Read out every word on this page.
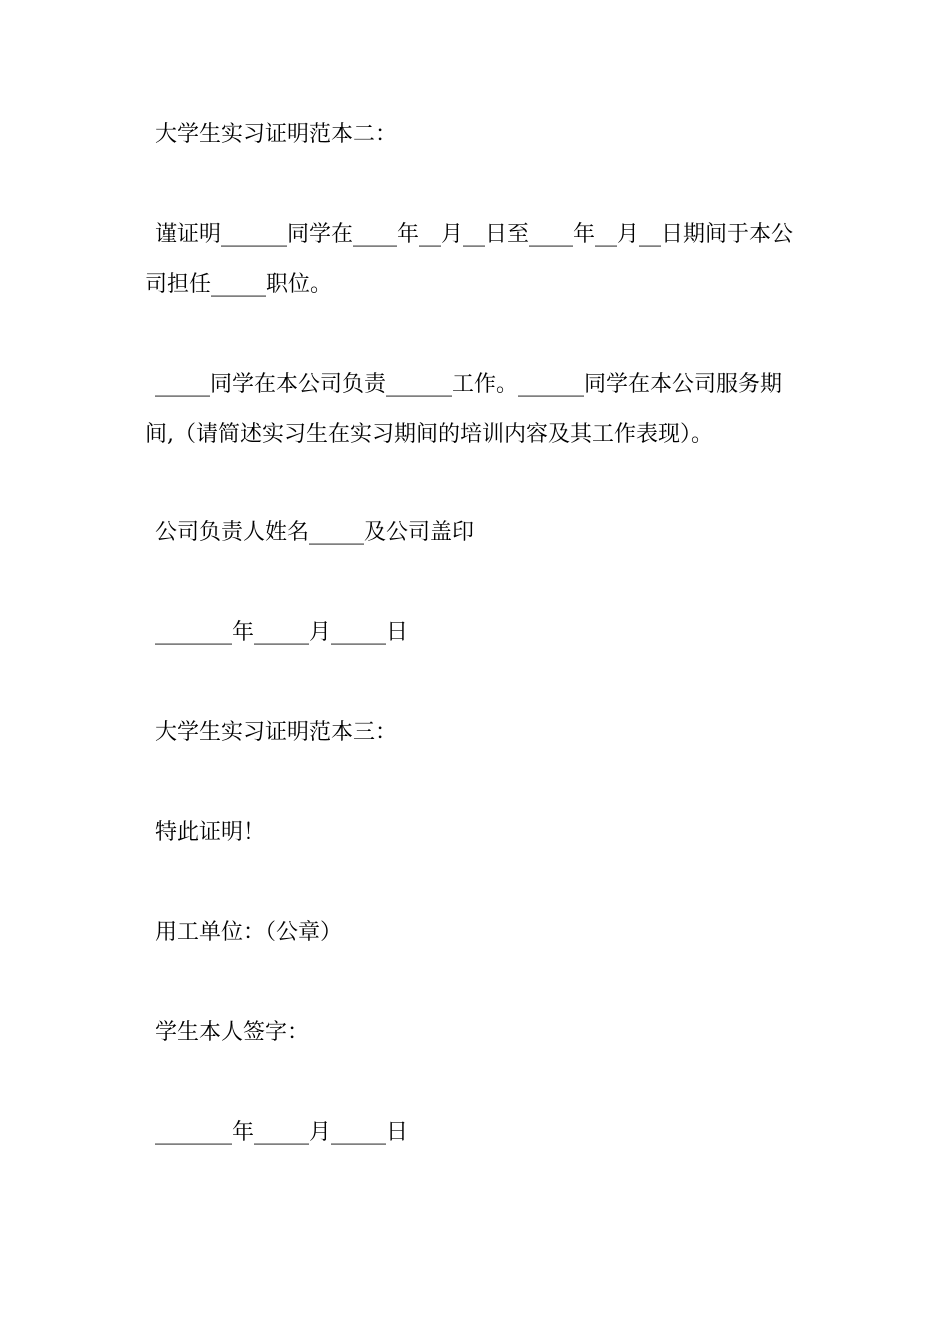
大学生实习证明范本二：
谨证明______同学在____年__月__日至____年__月__日期间于本公
司担任_____职位。
_____同学在本公司负责______工作。______同学在本公司服务期
间,（请简述实习生在实习期间的培训内容及其工作表现）。
公司负责人姓名_____及公司盖印
_______年_____月_____日
大学生实习证明范本三：
特此证明！
用工单位：（公章）
学生本人签字：
_______年_____月_____日
